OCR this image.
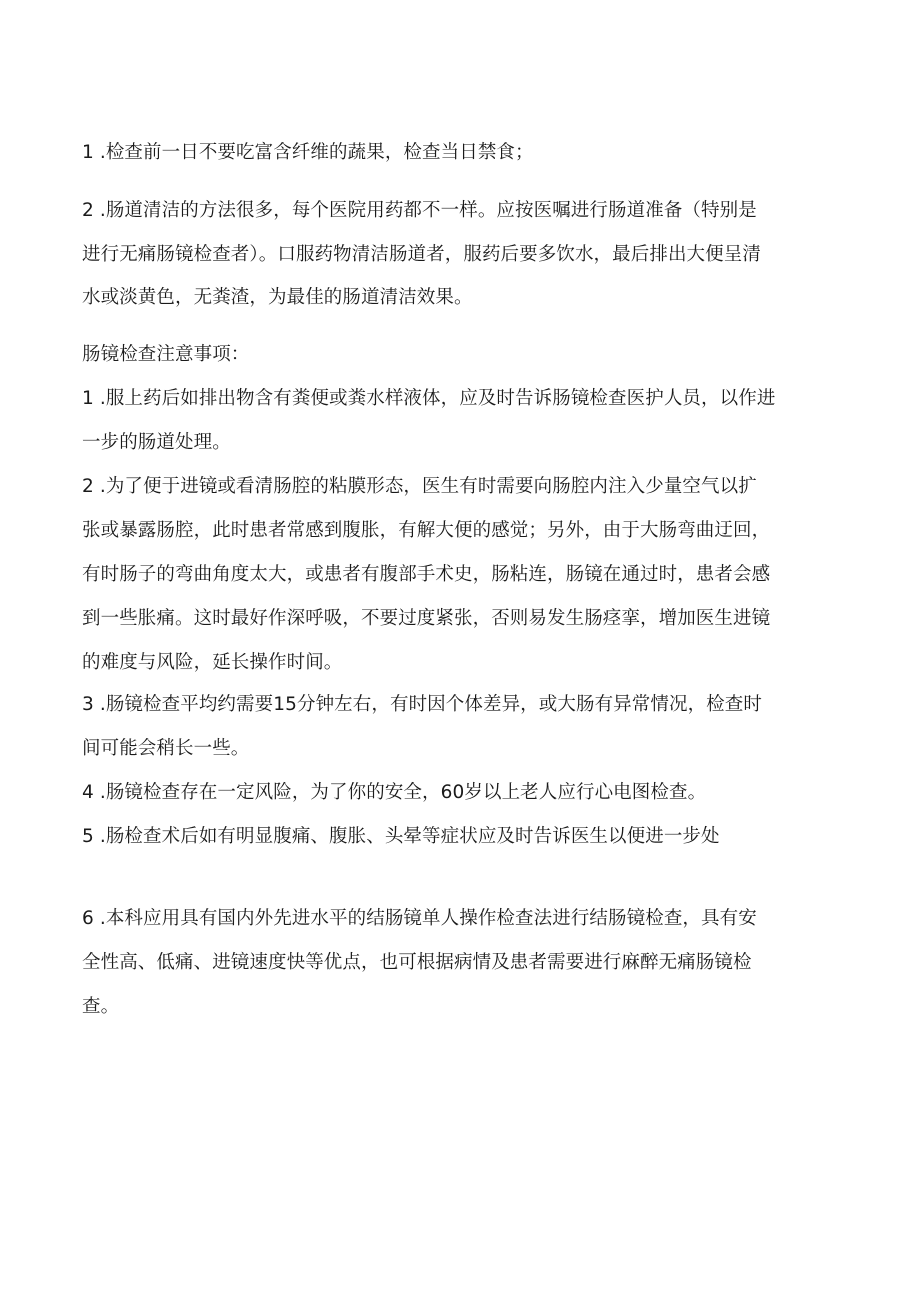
1 .检查前一日不要吃富含纤维的蔬果，检查当日禁食；
2 .肠道清洁的方法很多，每个医院用药都不一样。应按医嘱进行肠道准备（特别是
进行无痛肠镜检查者）。口服药物清洁肠道者，服药后要多饮水，最后排出大便呈清
水或淡黄色，无粪渣，为最佳的肠道清洁效果。
肠镜检查注意事项：
1 .服上药后如排出物含有粪便或粪水样液体，应及时告诉肠镜检查医护人员，以作进
一步的肠道处理。
2 .为了便于进镜或看清肠腔的粘膜形态，医生有时需要向肠腔内注入少量空气以扩
张或暴露肠腔，此时患者常感到腹胀，有解大便的感觉；另外，由于大肠弯曲迂回，
有时肠子的弯曲角度太大，或患者有腹部手术史，肠粘连，肠镜在通过时，患者会感
到一些胀痛。这时最好作深呼吸，不要过度紧张，否则易发生肠痉挛，增加医生进镜
的难度与风险，延长操作时间。
3 .肠镜检查平均约需要15分钟左右，有时因个体差异，或大肠有异常情况，检查时
间可能会稍长一些。
4 .肠镜检查存在一定风险，为了你的安全，60岁以上老人应行心电图检查。
5 .肠检查术后如有明显腹痛、腹胀、头晕等症状应及时告诉医生以便进一步处
6 .本科应用具有国内外先进水平的结肠镜单人操作检查法进行结肠镜检查，具有安
全性高、低痛、进镜速度快等优点，也可根据病情及患者需要进行麻醉无痛肠镜检
查。
